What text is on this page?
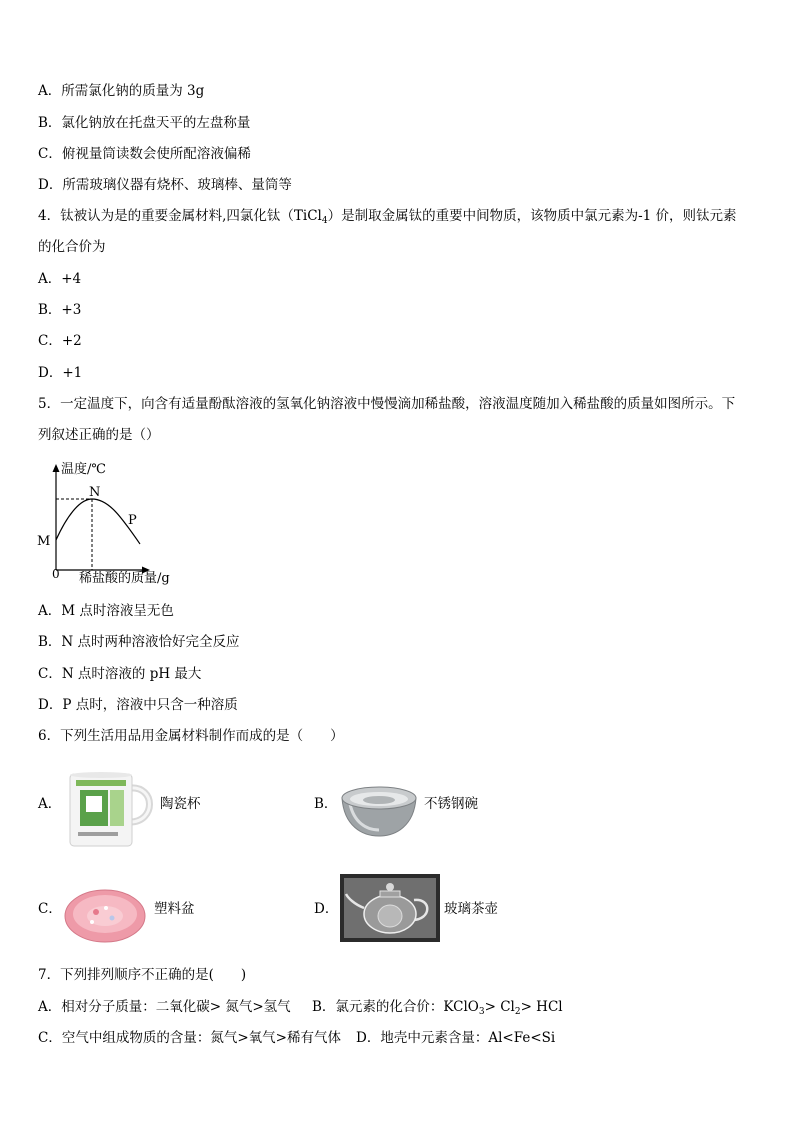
A．所需氯化钠的质量为 3g
B．氯化钠放在托盘天平的左盘称量
C．俯视量筒读数会使所配溶液偏稀
D．所需玻璃仪器有烧杯、玻璃棒、量筒等
4．钛被认为是的重要金属材料,四氯化钛（TiCl$_4$）是制取金属钛的重要中间物质，该物质中氯元素为-1 价，则钛元素
的化合价为
A．+4
B．+3
C．+2
D．+1
5．一定温度下，向含有适量酚酞溶液的氢氧化钠溶液中慢慢滴加稀盐酸，溶液温度随加入稀盐酸的质量如图所示。下
列叙述正确的是（）
温度/℃
N
P
M
0 稀盐酸的质量/g
A．M 点时溶液呈无色
B．N 点时两种溶液恰好完全反应
C．N 点时溶液的 pH 最大
D．P 点时，溶液中只含一种溶质
6．下列生活用品用金属材料制作而成的是（　　）
A．	陶瓷杯	B．	不锈钢碗
C．	塑料盆	D．	玻璃茶壶
7．下列排列顺序不正确的是(　　)
A．相对分子质量：二氧化碳> 氮气>氢气 B．氯元素的化合价：KClO$_3$> $Cl_2>$ HCl
C．空气中组成物质的含量：氮气>氧气>稀有气体 D．地壳中元素含量：Al<Fe<Si
